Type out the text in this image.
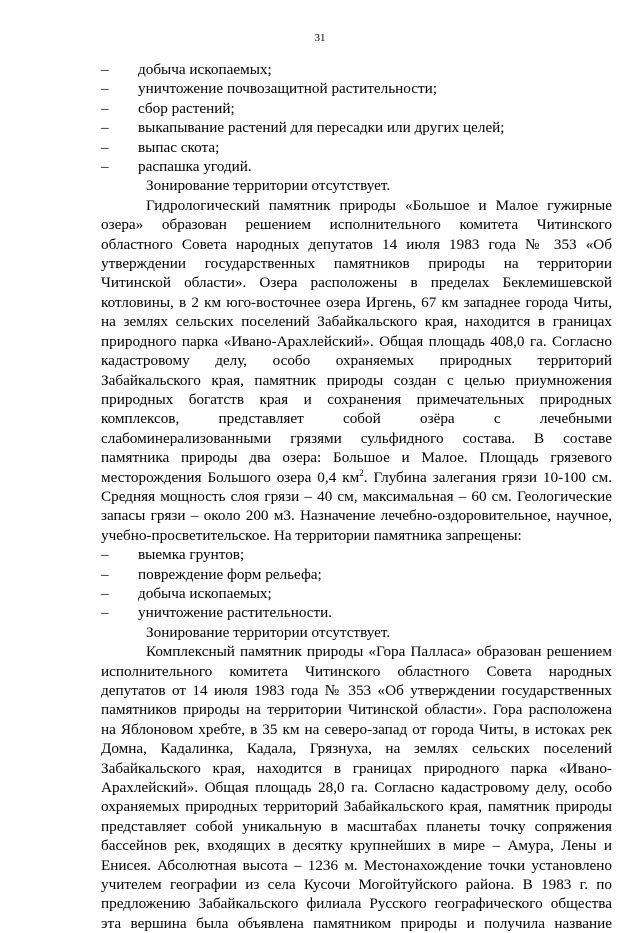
31

– добыча ископаемых;

– уничтожение почвозащитной растительности;

– сбор растений;

– выкапывание растений для пересадки или других целей;

– выпас скота;

– распашка угодий.

Зонирование территории отсутствует.

Гидрологический памятник природы «Большое и Малое гужирные

озера» образован решением исполнительного комитета Читинского

областного Совета народных депутатов 14 июля 1983 года № 353 «Об

утверждении государственных памятников природы на территории

Читинской области». Озера расположены в пределах Беклемишевской

котловины, в 2 км юго-восточнее озера Иргень, 67 км западнее города Читы,

на землях сельских поселений Забайкальского края, находится в границах

природного парка «Ивано-Арахлейский». Общая площадь 408,0 га. Согласно

кадастровому делу, особо охраняемых природных территорий

Забайкальского края, памятник природы создан с целью приумножения

природных богатств края и сохранения примечательных природных

комплексов, представляет собой озёра с лечебными

слабоминерализованными грязями сульфидного состава. В составе

памятника природы два озера: Большое и Малое. Площадь грязевого

месторождения Большого озера 0,4 $км^2$. Глубина залегания грязи 10-100 см.

Средняя мощность слоя грязи – 40 см, максимальная – 60 см. Геологические

запасы грязи – около 200 м3. Назначение лечебно-оздоровительное, научное,

учебно-просветительское. На территории памятника запрещены:

– выемка грунтов;

– повреждение форм рельефа;

– добыча ископаемых;

– уничтожение растительности.

Зонирование территории отсутствует.

Комплексный памятник природы «Гора Палласа» образован решением

исполнительного комитета Читинского областного Совета народных

депутатов от 14 июля 1983 года № 353 «Об утверждении государственных

памятников природы на территории Читинской области». Гора расположена

на Яблоновом хребте, в 35 км на северо-запад от города Читы, в истоках рек

Домна, Кадалинка, Кадала, Грязнуха, на землях сельских поселений

Забайкальского края, находится в границах природного парка «Ивано-

Арахлейский». Общая площадь 28,0 га. Согласно кадастровому делу, особо

охраняемых природных территорий Забайкальского края, памятник природы

представляет собой уникальную в масштабах планеты точку сопряжения

бассейнов рек, входящих в десятку крупнейших в мире – Амура, Лены и

Енисея. Абсолютная высота – 1236 м. Местонахождение точки установлено

учителем географии из села Кусочи Могойтуйского района. В 1983 г. по

предложению Забайкальского филиала Русского географического общества

эта вершина была объявлена памятником природы и получила название
